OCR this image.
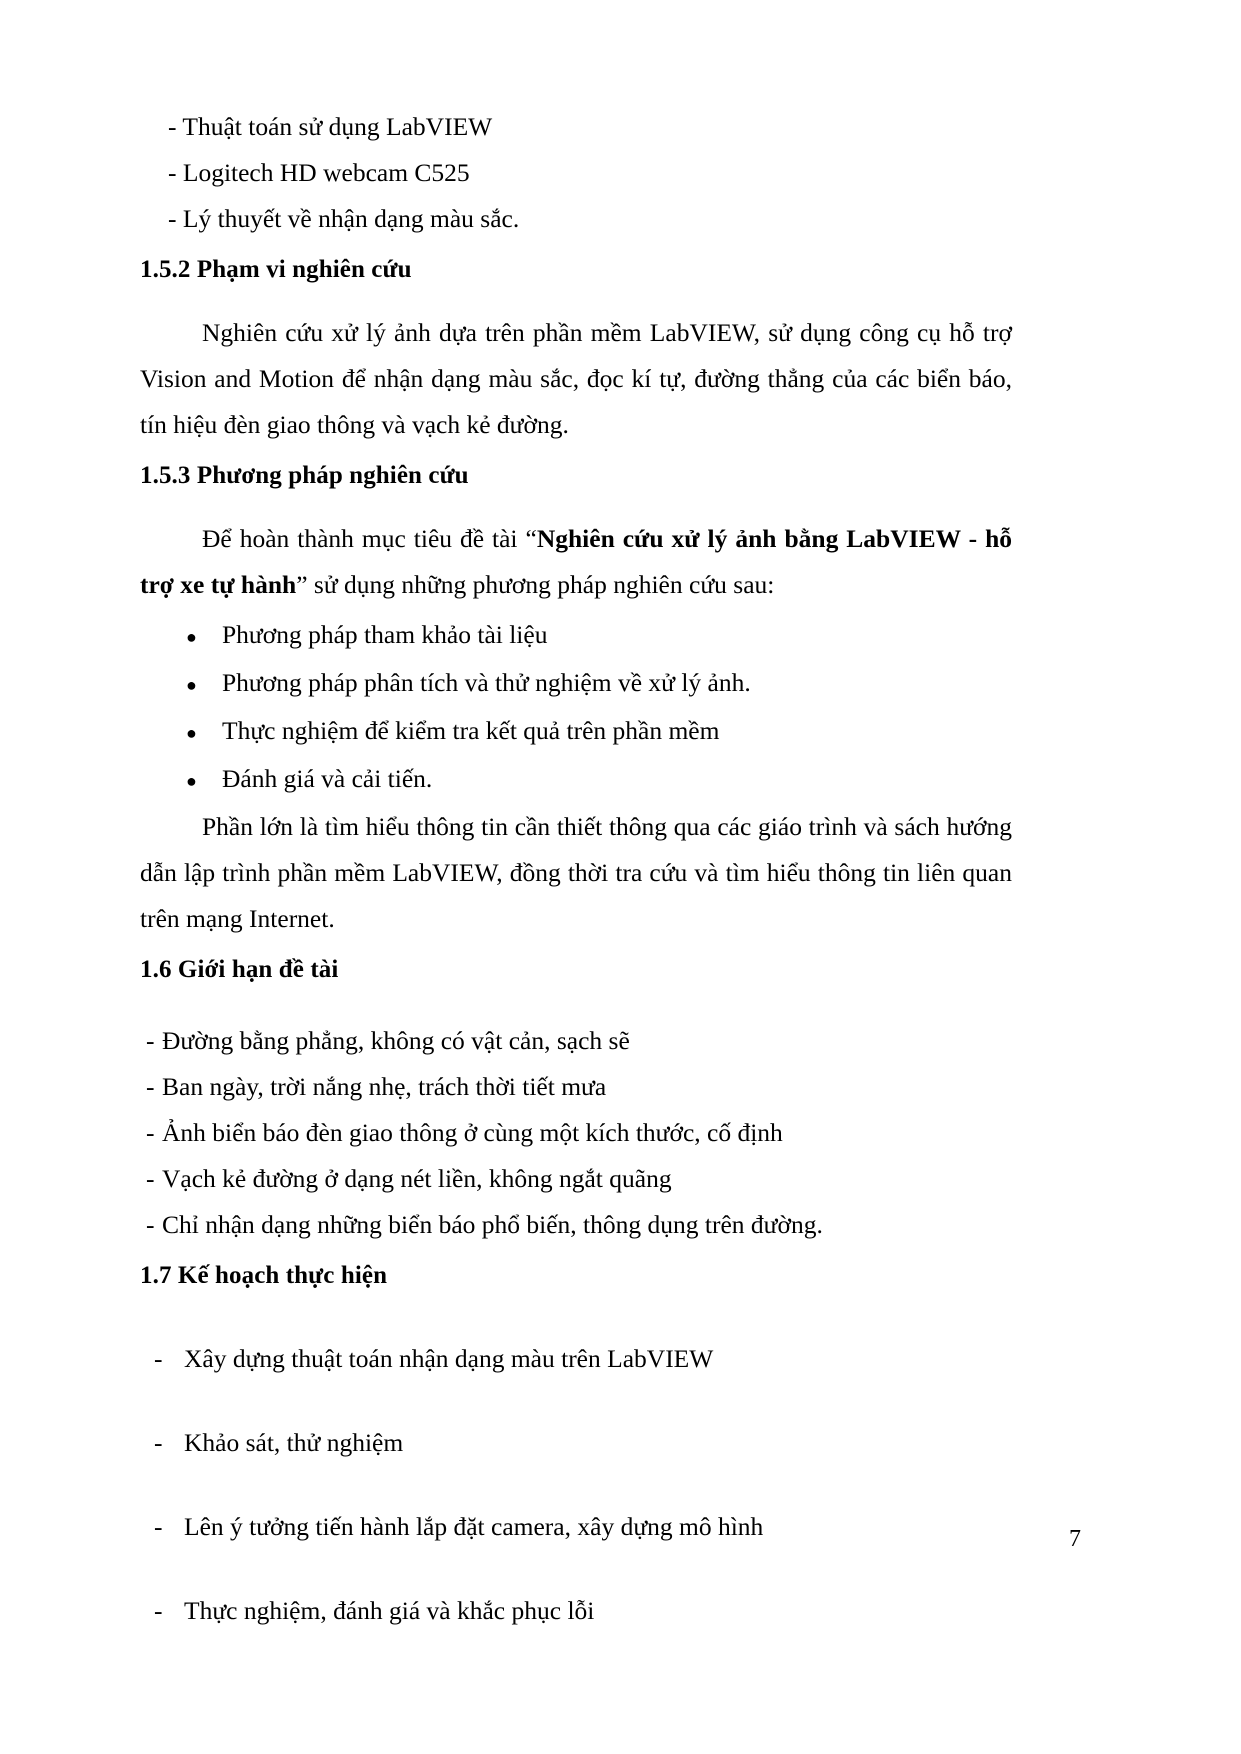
- Thuật toán sử dụng LabVIEW
- Logitech HD webcam C525
- Lý thuyết về nhận dạng màu sắc.
1.5.2 Phạm vi nghiên cứu

Nghiên cứu xử lý ảnh dựa trên phần mềm LabVIEW, sử dụng công cụ hỗ trợ Vision and Motion để nhận dạng màu sắc, đọc kí tự, đường thẳng của các biển báo, tín hiệu đèn giao thông và vạch kẻ đường.

1.5.3 Phương pháp nghiên cứu

Để hoàn thành mục tiêu đề tài “Nghiên cứu xử lý ảnh bằng LabVIEW - hỗ trợ xe tự hành” sử dụng những phương pháp nghiên cứu sau:

● Phương pháp tham khảo tài liệu
● Phương pháp phân tích và thử nghiệm về xử lý ảnh.
● Thực nghiệm để kiểm tra kết quả trên phần mềm
● Đánh giá và cải tiến.

Phần lớn là tìm hiểu thông tin cần thiết thông qua các giáo trình và sách hướng dẫn lập trình phần mềm LabVIEW, đồng thời tra cứu và tìm hiểu thông tin liên quan trên mạng Internet.

1.6 Giới hạn đề tài
- Đường bằng phẳng, không có vật cản, sạch sẽ
- Ban ngày, trời nắng nhẹ, trách thời tiết mưa
- Ảnh biển báo đèn giao thông ở cùng một kích thước, cố định
- Vạch kẻ đường ở dạng nét liền, không ngắt quãng
- Chỉ nhận dạng những biển báo phổ biến, thông dụng trên đường.
1.7 Kế hoạch thực hiện
- Xây dựng thuật toán nhận dạng màu trên LabVIEW
- Khảo sát, thử nghiệm
- Lên ý tưởng tiến hành lắp đặt camera, xây dựng mô hình
- Thực nghiệm, đánh giá và khắc phục lỗi
7
